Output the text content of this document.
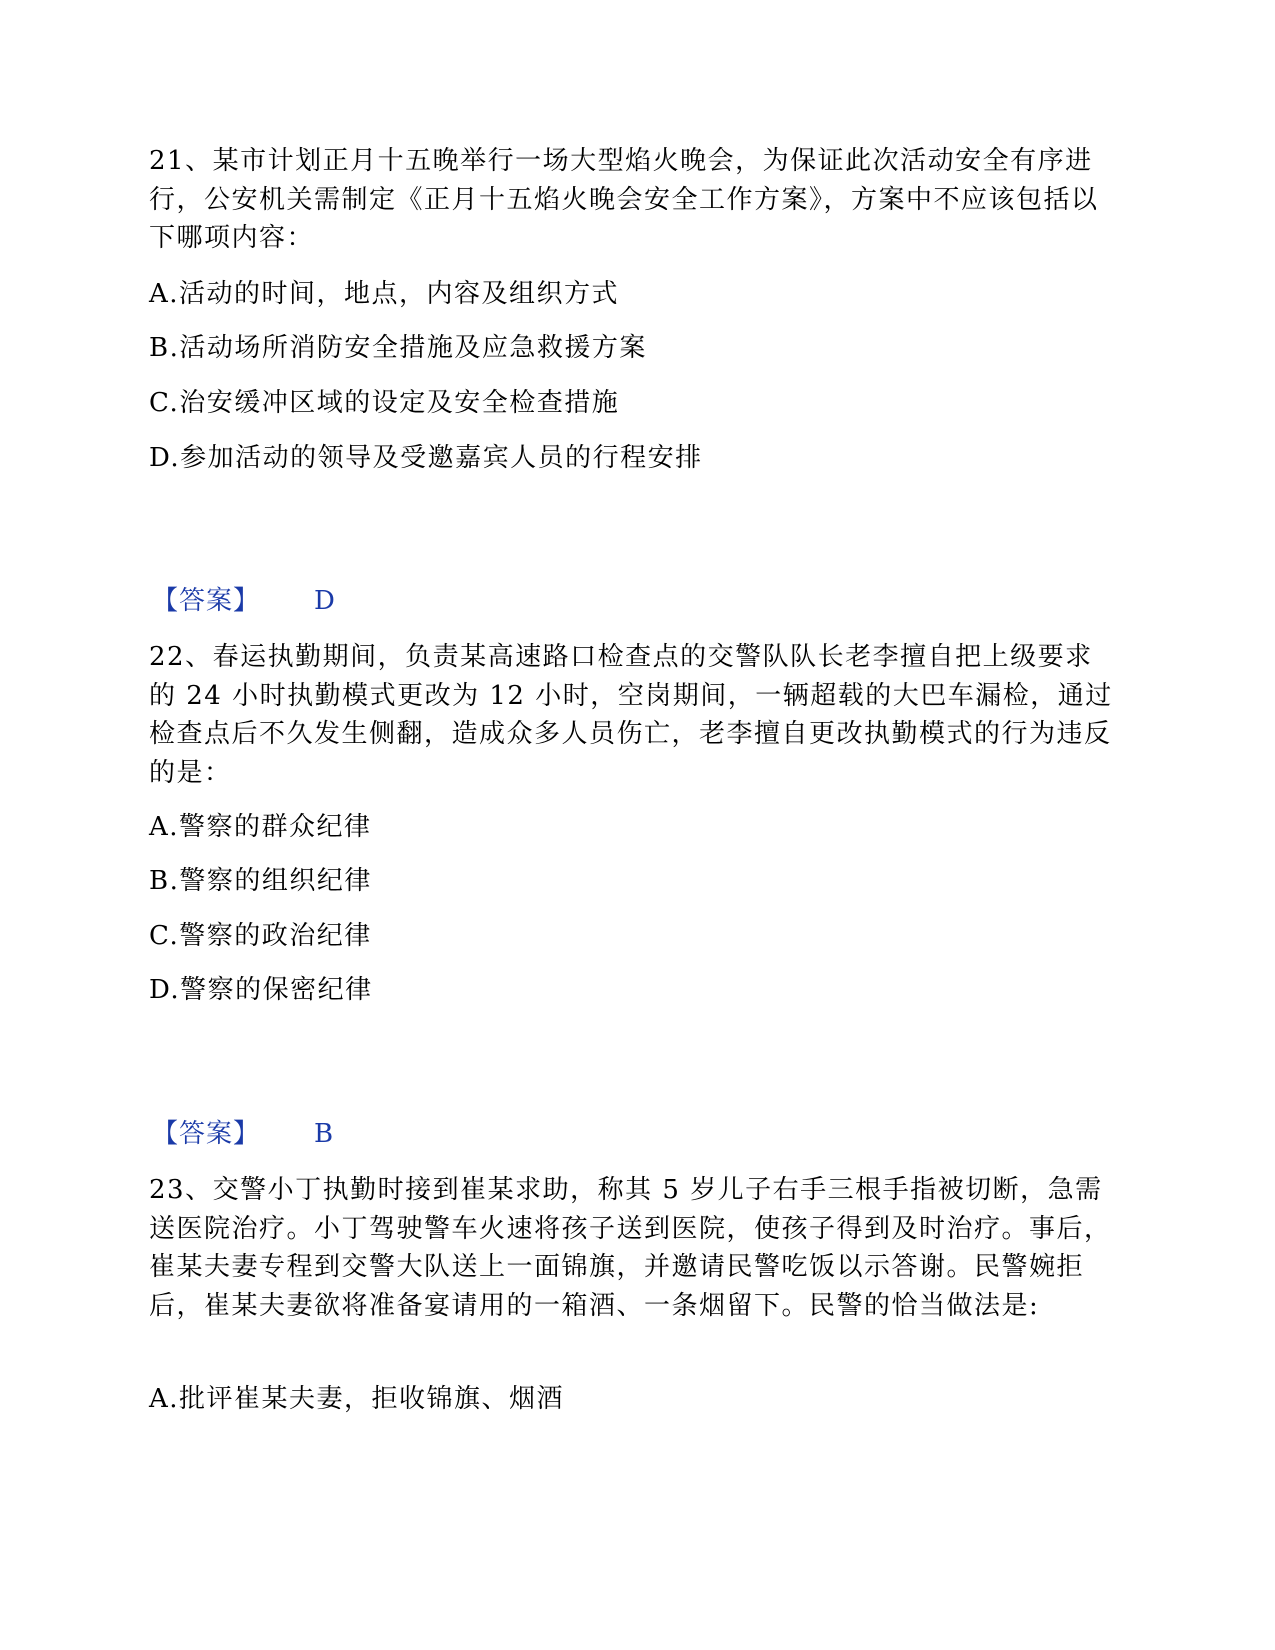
21、某市计划正月十五晚举行一场大型焰火晚会，为保证此次活动安全有序进行，公安机关需制定《正月十五焰火晚会安全工作方案》，方案中不应该包括以下哪项内容：

A.活动的时间，地点，内容及组织方式

B.活动场所消防安全措施及应急救援方案

C.治安缓冲区域的设定及安全检查措施

D.参加活动的领导及受邀嘉宾人员的行程安排

【答案】 D

22、春运执勤期间，负责某高速路口检查点的交警队队长老李擅自把上级要求的 24 小时执勤模式更改为 12 小时，空岗期间，一辆超载的大巴车漏检，通过检查点后不久发生侧翻，造成众多人员伤亡，老李擅自更改执勤模式的行为违反的是：

A.警察的群众纪律

B.警察的组织纪律

C.警察的政治纪律

D.警察的保密纪律

【答案】 B

23、交警小丁执勤时接到崔某求助，称其 5 岁儿子右手三根手指被切断，急需送医院治疗。小丁驾驶警车火速将孩子送到医院，使孩子得到及时治疗。事后，崔某夫妻专程到交警大队送上一面锦旗，并邀请民警吃饭以示答谢。民警婉拒后，崔某夫妻欲将准备宴请用的一箱酒、一条烟留下。民警的恰当做法是:

A.批评崔某夫妻，拒收锦旗、烟酒
